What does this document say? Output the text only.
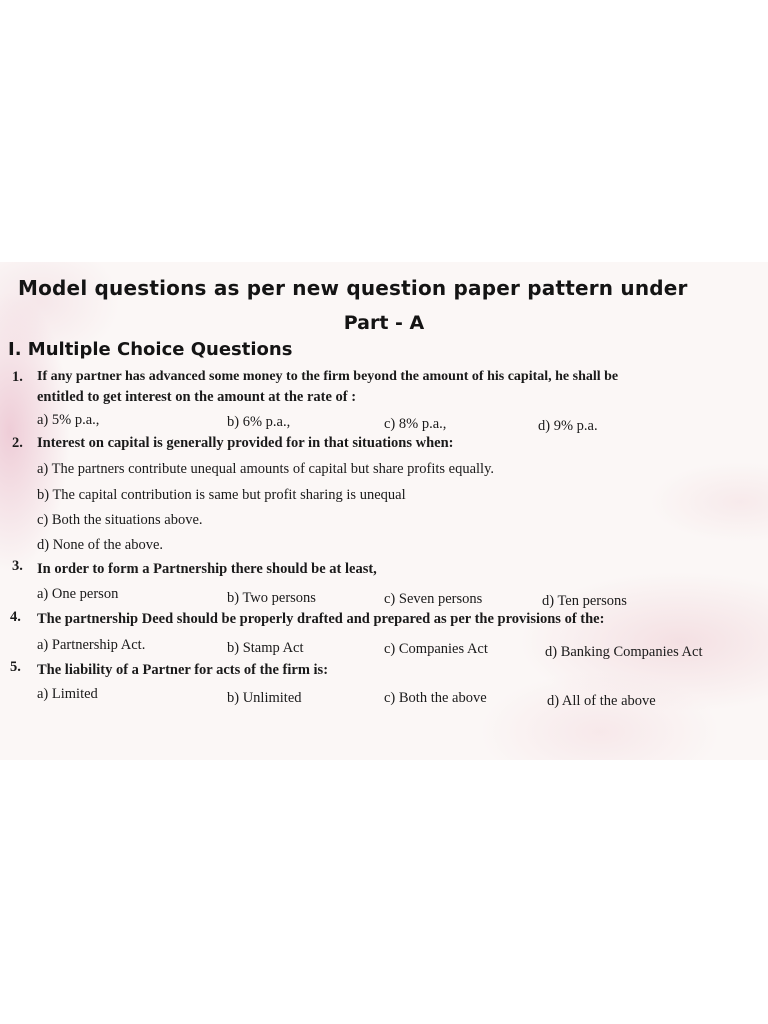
Model questions as per new question paper pattern under
Part - A
I. Multiple Choice Questions
1. If any partner has advanced some money to the firm beyond the amount of his capital, he shall be
entitled to get interest on the amount at the rate of :
a) 5% p.a.,	b) 6% p.a.,	c) 8% p.a.,	d) 9% p.a.
2. Interest on capital is generally provided for in that situations when:
a) The partners contribute unequal amounts of capital but share profits equally.
b) The capital contribution is same but profit sharing is unequal
c) Both the situations above.
d) None of the above.
3. In order to form a Partnership there should be at least,
a) One person	b) Two persons	c) Seven persons	d) Ten persons
4. The partnership Deed should be properly drafted and prepared as per the provisions of the:
a) Partnership Act.	b) Stamp Act	c) Companies Act	d) Banking Companies Act
5. The liability of a Partner for acts of the firm is:
a) Limited	b) Unlimited	c) Both the above	d) All of the above
